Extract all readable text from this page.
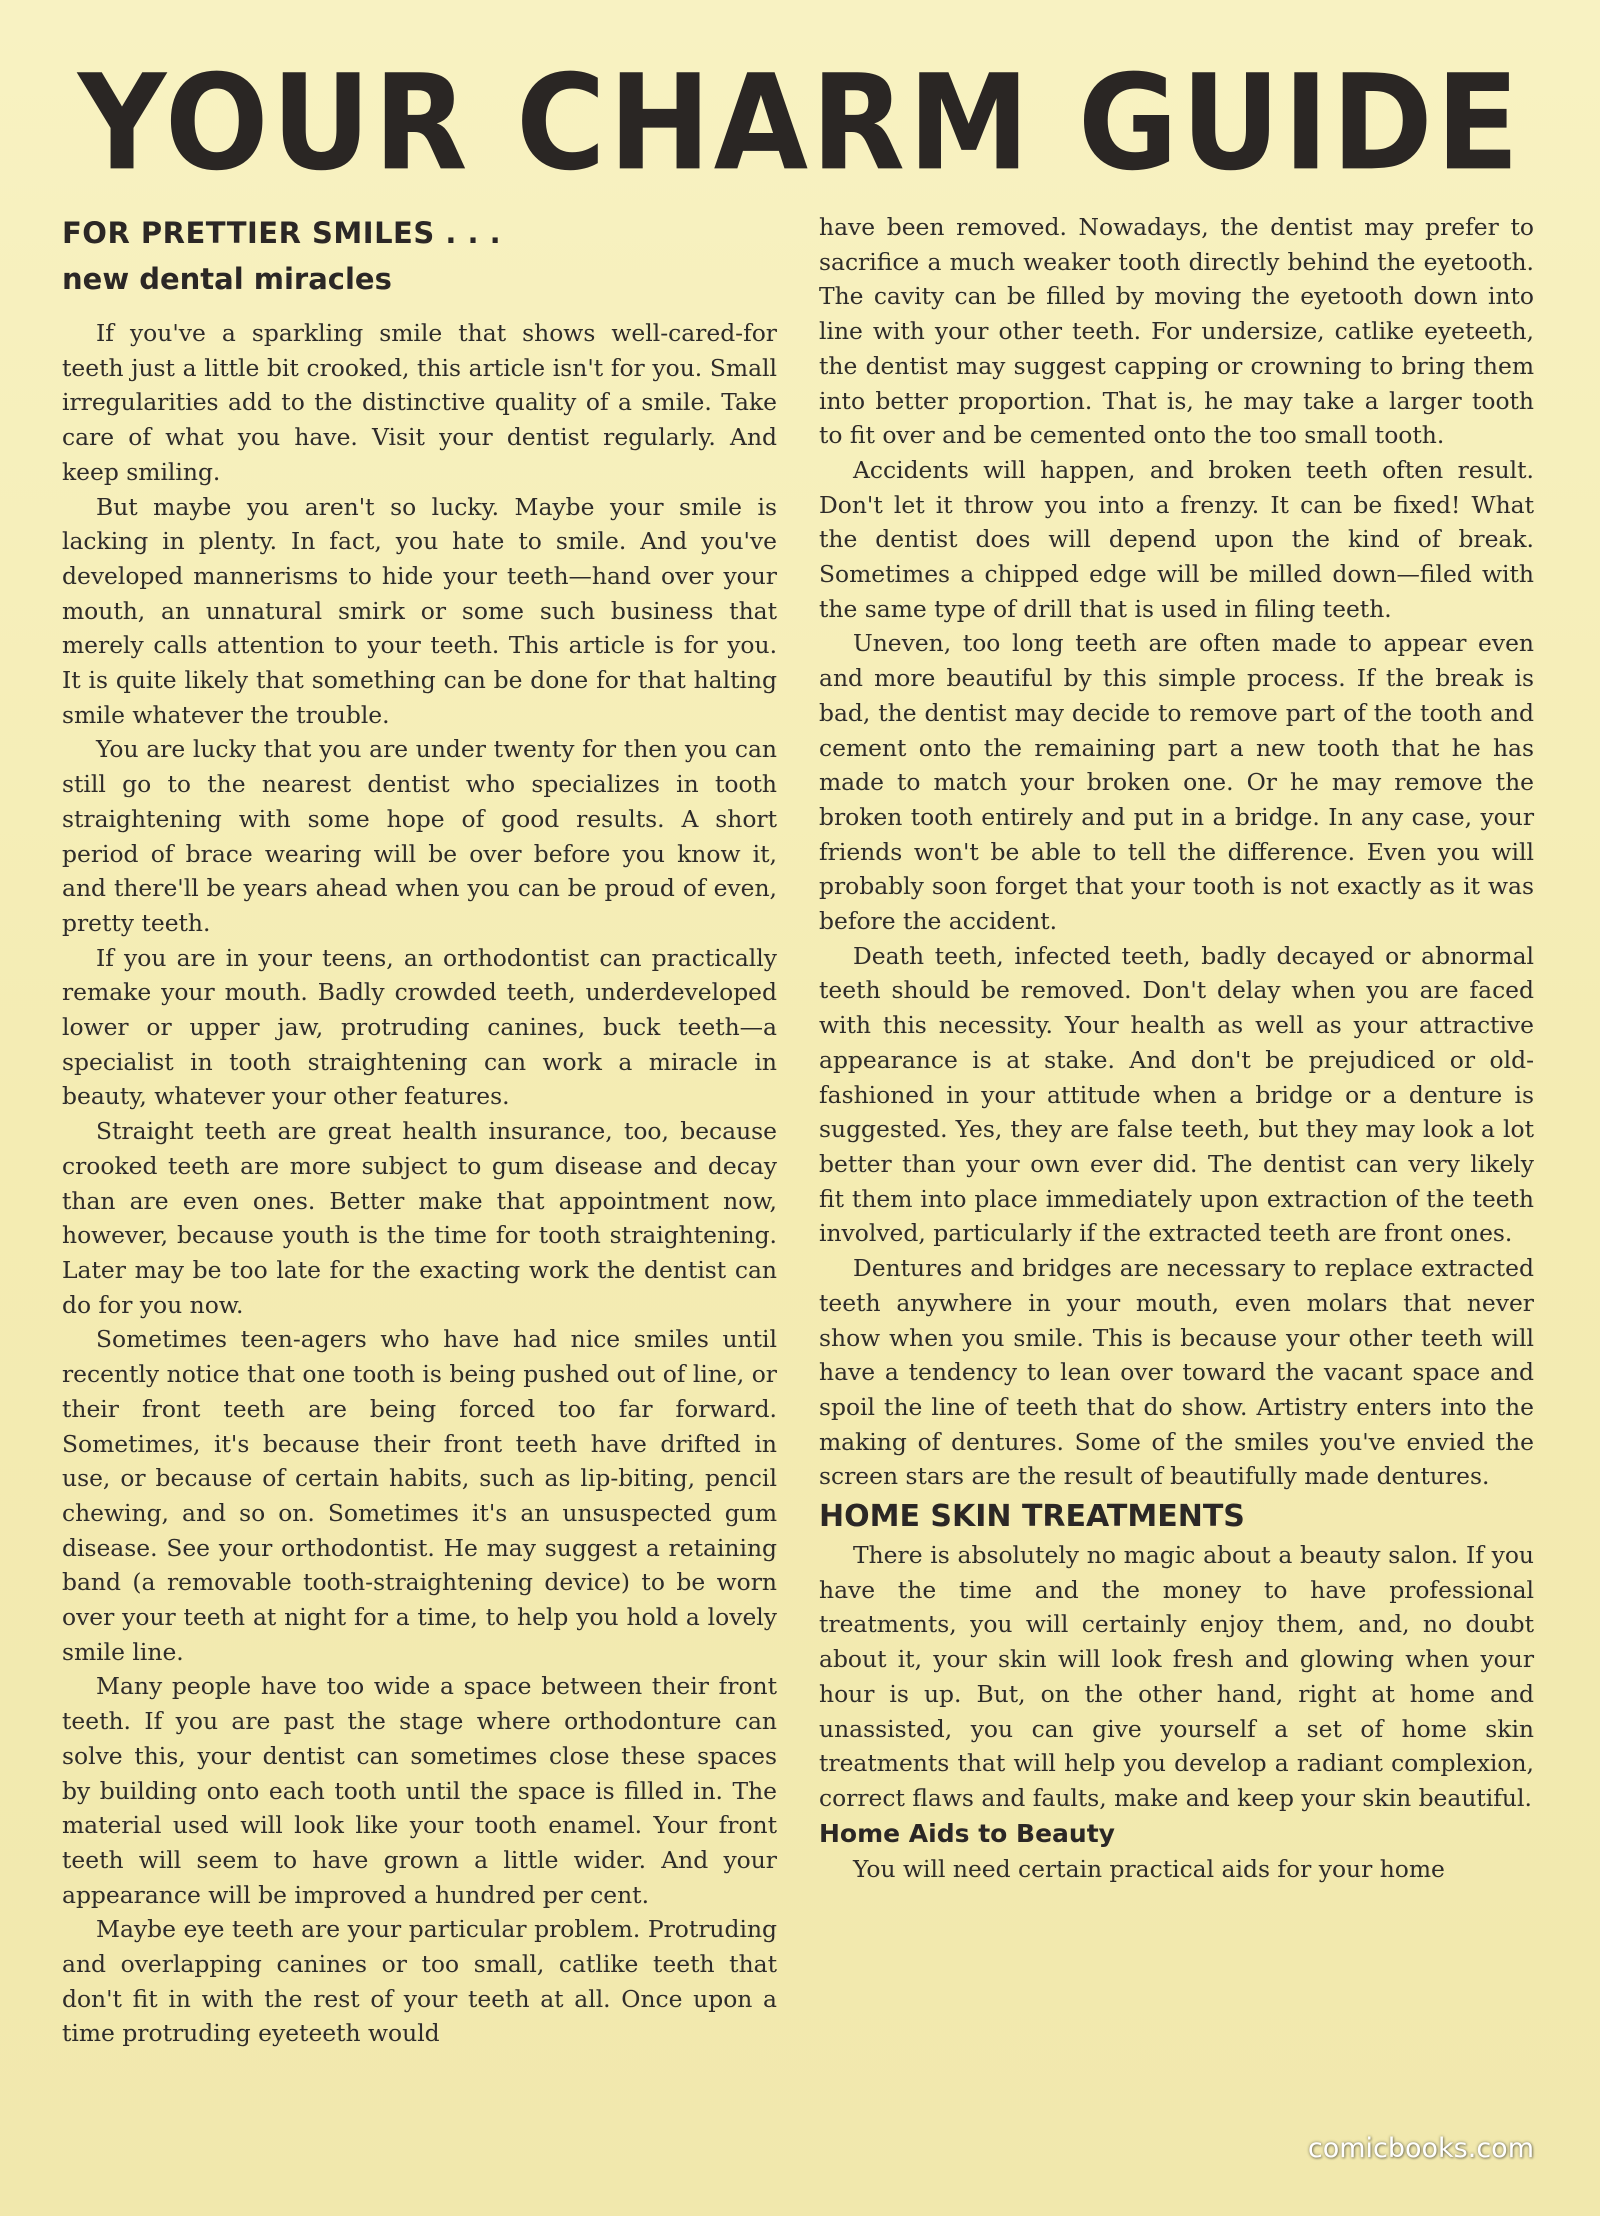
YOUR CHARM GUIDE
FOR PRETTIER SMILES . . .
new dental miracles

If you've a sparkling smile that shows well-cared-for teeth just a little bit crooked, this article isn't for you. Small irregularities add to the distinctive quality of a smile. Take care of what you have. Visit your dentist regularly. And keep smiling.

But maybe you aren't so lucky. Maybe your smile is lacking in plenty. In fact, you hate to smile. And you've developed mannerisms to hide your teeth—hand over your mouth, an unnatural smirk or some such business that merely calls attention to your teeth. This article is for you. It is quite likely that something can be done for that halting smile whatever the trouble.

You are lucky that you are under twenty for then you can still go to the nearest dentist who specializes in tooth straightening with some hope of good results. A short period of brace wearing will be over before you know it, and there'll be years ahead when you can be proud of even, pretty teeth.

If you are in your teens, an orthodontist can practically remake your mouth. Badly crowded teeth, underdeveloped lower or upper jaw, protruding canines, buck teeth—a specialist in tooth straightening can work a miracle in beauty, whatever your other features.

Straight teeth are great health insurance, too, because crooked teeth are more subject to gum disease and decay than are even ones. Better make that appointment now, however, because youth is the time for tooth straightening. Later may be too late for the exacting work the dentist can do for you now.

Sometimes teen-agers who have had nice smiles until recently notice that one tooth is being pushed out of line, or their front teeth are being forced too far forward. Sometimes, it's because their front teeth have drifted in use, or because of certain habits, such as lip-biting, pencil chewing, and so on. Sometimes it's an unsuspected gum disease. See your orthodontist. He may suggest a retaining band (a removable tooth-straightening device) to be worn over your teeth at night for a time, to help you hold a lovely smile line.

Many people have too wide a space between their front teeth. If you are past the stage where orthodonture can solve this, your dentist can sometimes close these spaces by building onto each tooth until the space is filled in. The material used will look like your tooth enamel. Your front teeth will seem to have grown a little wider. And your appearance will be improved a hundred per cent.

Maybe eye teeth are your particular problem. Protruding and overlapping canines or too small, catlike teeth that don't fit in with the rest of your teeth at all. Once upon a time protruding eyeteeth would

have been removed. Nowadays, the dentist may prefer to sacrifice a much weaker tooth directly behind the eyetooth. The cavity can be filled by moving the eyetooth down into line with your other teeth. For undersize, catlike eyeteeth, the dentist may suggest capping or crowning to bring them into better proportion. That is, he may take a larger tooth to fit over and be cemented onto the too small tooth.

Accidents will happen, and broken teeth often result. Don't let it throw you into a frenzy. It can be fixed! What the dentist does will depend upon the kind of break. Sometimes a chipped edge will be milled down—filed with the same type of drill that is used in filing teeth.

Uneven, too long teeth are often made to appear even and more beautiful by this simple process. If the break is bad, the dentist may decide to remove part of the tooth and cement onto the remaining part a new tooth that he has made to match your broken one. Or he may remove the broken tooth entirely and put in a bridge. In any case, your friends won't be able to tell the difference. Even you will probably soon forget that your tooth is not exactly as it was before the accident.

Death teeth, infected teeth, badly decayed or abnormal teeth should be removed. Don't delay when you are faced with this necessity. Your health as well as your attractive appearance is at stake. And don't be prejudiced or old-fashioned in your attitude when a bridge or a denture is suggested. Yes, they are false teeth, but they may look a lot better than your own ever did. The dentist can very likely fit them into place immediately upon extraction of the teeth involved, particularly if the extracted teeth are front ones.

Dentures and bridges are necessary to replace extracted teeth anywhere in your mouth, even molars that never show when you smile. This is because your other teeth will have a tendency to lean over toward the vacant space and spoil the line of teeth that do show. Artistry enters into the making of dentures. Some of the smiles you've envied the screen stars are the result of beautifully made dentures.

HOME SKIN TREATMENTS

There is absolutely no magic about a beauty salon. If you have the time and the money to have professional treatments, you will certainly enjoy them, and, no doubt about it, your skin will look fresh and glowing when your hour is up. But, on the other hand, right at home and unassisted, you can give yourself a set of home skin treatments that will help you develop a radiant complexion, correct flaws and faults, make and keep your skin beautiful.

Home Aids to Beauty

You will need certain practical aids for your home

comicbooks.com
